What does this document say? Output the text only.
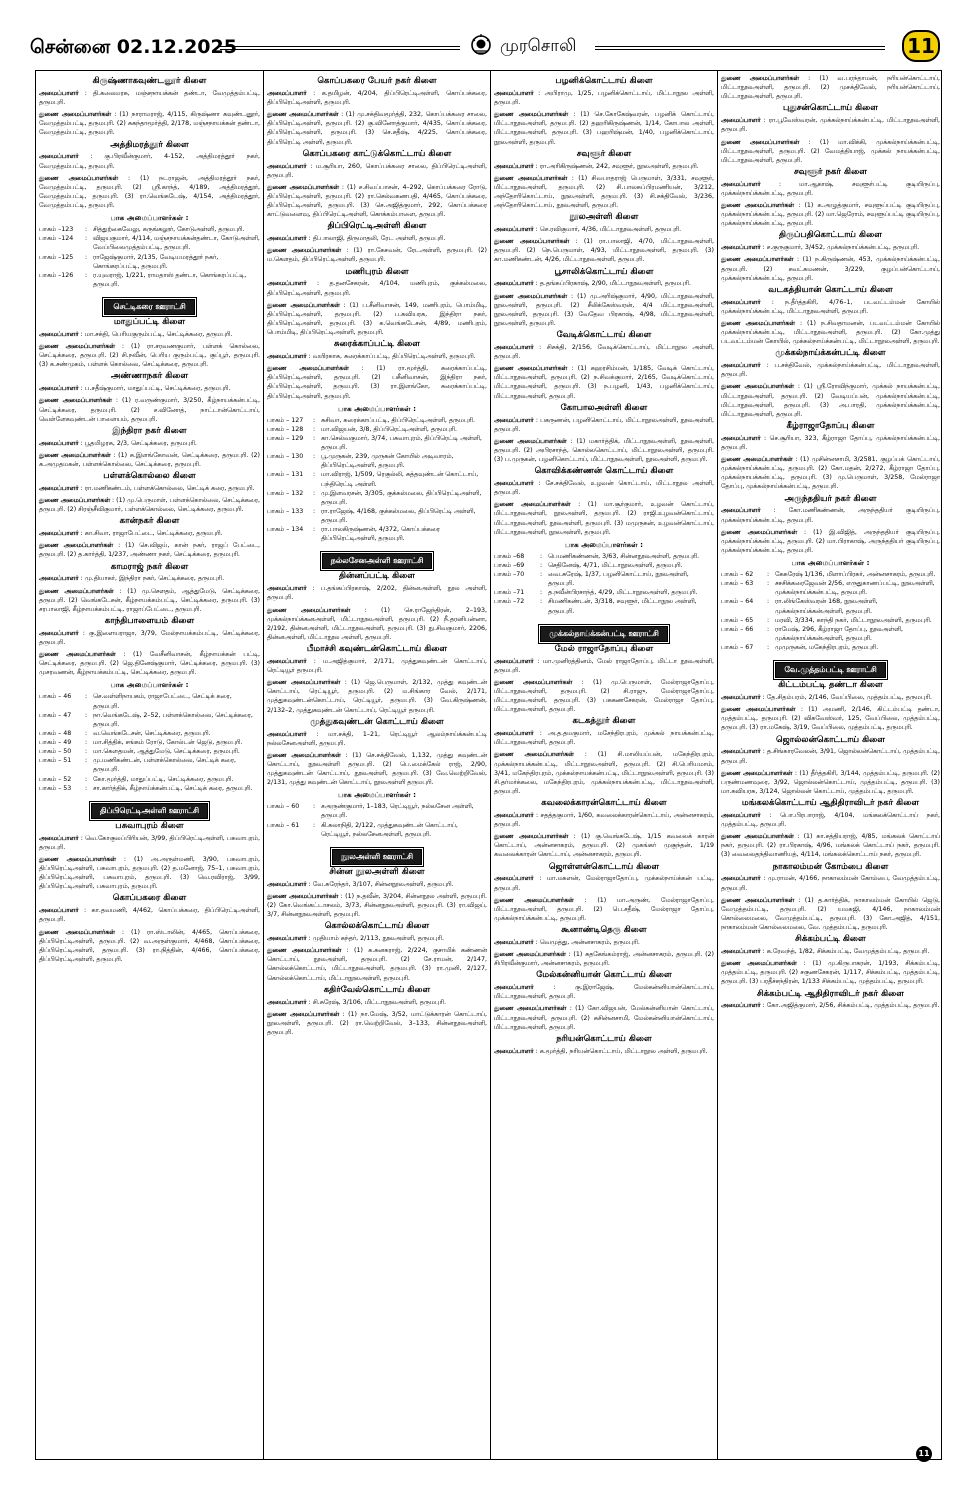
சென்னை 02.12.2025	முரசொலி	11
கிருஷ்ணாகவுண்டனூர் கிளை
அமைப்பாளர் : தி.கலைமரசு, மஞ்சநாயக்கன் தண்டா, வேமுத்தம்பட்டி, தருமபுரி.
துணை அமைப்பாளர்கள் : (1) நாராமராஜ், 4/115, கிருஷ்ணா கவுண்டனூர், வேமுத்தம்பட்டி, தருமபுரி. (2) சுகந்தாமூர்த்தி, 2/178, மஞ்சநாயக்கன் தண்டா, வேமுத்தம்பட்டி, தருமபுரி.
அத்திமரத்தூர் கிளை
அமைப்பாளர் : கு.பிரவீன்குமார், 4-152, அத்திமரத்தூர் நகர், வேமுத்தம்பட்டி, தருமபுரி.
துணை அமைப்பாளர்கள் : (1) நடராஜன், அத்திமரத்தூர் நகர், வேமுத்தம்பட்டி, தருமபுரி. (2) ஸ்ரீ.காந்த், 4/189, அத்திமரத்தூர், வேமுத்தம்பட்டி, தருமபுரி. (3) ரா.வெங்கடேஷ், 4/154, அத்திமரத்தூர், வேமுத்தம்பட்டி, தருமபுரி.
பாக அமைப்பாளர்கள் :
பாகம் –123	:	சித்துற்கைவேலு, கருங்கலூர், கோடுஅள்ளி, தருமபுரி.
பாகம் –124	:	விஜயகுமார், 4/114, மஞ்சநாயக்கன்தண்டா, கோடுஅள்ளி, வேப்பிலைமுத்தம்பட்டி, தருமபுரி.
பாகம் –125	:	ராஜேஷ்குமார், 2/135, வேடியமரத்தூர் நகர், கொங்கரப்பட்டி, தருமபுரி.
பாகம் –126	:	ர.யுவராஜ், 1/221, ராமதாஸ் தண்டா, கொங்கரப்பட்டி, தருமபுரி.
செட்டிகரை ஊராட்சி
மாதுப்பட்டி கிளை
அமைப்பாளர் : மா.சக்தி, பெரியகுரும்பட்டி, செட்டிக்கரை, தருமபுரி.
துணை அமைப்பாளர்கள் : (1) ரா.சரவணகுமார், பள்ளக் கொல்லை, செட்டிக்கரை, தருமபுரி. (2) சி.நவீன், பெரிய குரும்பட்டி, குப்பூர், தருமபுரி. (3) க.சண்முகம், பள்ளக் கொல்லை, செட்டிக்கரை, தருமபுரி.
அண்ணாநகர் கிளை
அமைப்பாளர் : ப.சதீஷ்குமார், மாதுப்பட்டி, செட்டிக்கரை, தருமபுரி.
துணை அமைப்பாளர்கள் : (1) ர.வருண்குமார், 3/250, கீழ்நாயக்கன்பட்டி, செட்டிக்கரை, தருமபுரி. (2) ச.வினோத், நாட்டான்கொட்டாய், வெள்ளேகவுண்டன் பாளையம், தருமபுரி.
இந்திரா நகர் கிளை
அமைப்பாளர் : பூதமிழரசு, 2/3, செட்டிக்கரை, தருமபுரி.
துணை அமைப்பாளர்கள் : (1) சு.இளங்கோவன், செட்டிக்கரை, தருமபுரி. (2) க.அமுதமகன், பள்ளக்கொல்லை, செட்டிக்கரை, தருமபுரி.
பள்ளக்கொல்லை கிளை
அமைப்பாளர் : ரா.மணிகண்டம், பள்ளக்கொல்லை, செட்டிக் கரை, தருமபுரி.
துணை அமைப்பாளர்கள் : (1) மு.பெருமாள், பள்ளக்கொல்லை, செட்டிக்கரை, தருமபுரி. (2) சிரஞ்சீவிகுமார், பள்ளக்கொல்லை, செட்டிக்கரை, தருமபுரி.
கான்நகர் கிளை
அமைப்பாளர் : கா.சிவா, ராஜாபேட்டை, செட்டிக்கரை, தருமபுரி.
துணை அமைப்பாளர்கள் : (1) செ.விஜய், கான் நகர், ராஜப் பேட்டை, தருமபுரி. (2) த.கார்த்தி, 1/237, அண்ணா நகர், செட்டிக்கரை, தருமபுரி.
காமராஜ் நகர் கிளை
அமைப்பாளர் : மு.தியாகர், இந்திரா நகர், செட்டிக்கரை, தருமபுரி.
துணை அமைப்பாளர்கள் : (1) மு.சௌதம், ஆத்துமேடு, செட்டிக்கரை, தருமபுரி. (2) வெங்கடேசன், கீழ்நாயக்கம்பட்டி, செட்டிக்கரை, தருமபுரி. (3) சரபாலாஜி, கீழ்நாயக்கம்பட்டி, ராஜாப்பேட்டை, தருமபுரி.
காந்திபாளையம் கிளை
அமைப்பாளர் : கு.இளையராஜா, 3/79, மேல்நாயக்கம்பட்டி, செட்டிக்கரை, தருமபுரி.
துணை அமைப்பாளர்கள் : (1) வேசீனிவாசன், கீழ்நாயக்கன் பட்டி, செட்டிக்கரை, தருமபுரி. (2) ஜெ.தினேஷ்குமார், செட்டிக்கரை, தருமபுரி. (3) முசரவணன், கீழ்நாயக்கம்பட்டி, செட்டிக்கரை, தருமபுரி.
பாக அமைப்பாளர்கள் :
பாகம் – 46	:	செ.வள்ளிநாயகம், ராஜாபேட்டை, செட்டிக் கரை, தருமபுரி.
பாகம் – 47	:	நா.வெங்கடேஷ், 2–52, பள்ளக்கொல்லை, செட்டிக்கரை, தருமபுரி.
பாகம் – 48	:	வ.வெங்கடேசன், செட்டிக்கரை, தருமபுரி.
பாகம் – 49	:	மா.சித்திக், சங்கம் ரோடு, கோல்டன் ஜெடு, தருமபுரி.
பாகம் – 50	:	மா.கௌதமன், ஆத்துமேடு, செட்டிக்கரை, தருமபுரி.
பாகம் – 51	:	மு.மணிகண்டன், பள்ளக்கொல்லை, செட்டிக் கரை, தருமபுரி.
பாகம் – 52	:	கோ.மூர்த்தி, மாதுப்பட்டி, செட்டிக்கரை, தருமபுரி.
பாகம் – 53	:	சா.கார்த்திக், கீழ்நாய்க்கன்பட்டி, செட்டிக் கரை, தருமபுரி.
திப்பிரெட்டிஅள்ளி ஊராட்சி
பசுவாபுரம் கிளை
அமைப்பாளர் : வெ.கோகுலப்பிரியன், 3/99, திப்பிரெட்டிஅள்ளி, பசுவாபுரம், தருமபுரி.
துணை அமைப்பாளர்கள் : (1) அ.அருள்மணி, 3/90, பசுவாபுரம், திப்பிரெட்டிஅள்ளி, பசுவாபுரம், தருமபுரி. (2) த.மனோஜ், 75–1, பசுவாபுரம், திப்பிரெட்டிஅள்ளி, பசுவாபுரம், தருமபுரி. (3) வெ.ரவிராஜ், 3/99, திப்பிரெட்டிஅள்ளி, பசுவாபுரம், தருமபுரி.
கொப்பகரை கிளை
அமைப்பாளர் : கா.தவமணி, 4/462, கொப்பக்கரை, திப்பிரெட்டிஅள்ளி, தருமபுரி.
துணை அமைப்பாளர்கள் : (1) ரா.ஸ்டாலின், 4/465, கொப்பக்கரை, திப்பிரெட்டிஅள்ளி, தருமபுரி. (2) வ.அருள்குமார், 4/468, கொப்பக்கரை, திப்பிரெட்டிஅள்ளி, தருமபுரி. (3) ரா.நித்தின், 4/466, கொப்பக்கரை, திப்பிரெட்டிஅள்ளி, தருமபுரி.
கொப்பகரை பேயர் நகர் கிளை
அமைப்பாளர் : க.தமிழன், 4/204, திப்பிரெட்டிஅள்ளி, கொப்பக்கரை, திப்பிரெட்டிஅள்ளி, தருமபுரி.
துணை அமைப்பாளர்கள் : (1) மு.சக்திவமூர்த்தி, 232, கொப்பக்கரை சாலை, திப்பிரெட்டிஅள்ளி, தருமபுரி. (2) கு.வினோத்குமார், 4/435, கொப்பக்கரை, திப்பிரெட்டிஅள்ளி, தருமபுரி. (3) செ.சதீஷ், 4/225, கொப்பக்கரை, திப்பிரெட்டி அள்ளி, தருமபுரி.
கொப்பகரை காட்டுக்கொட்டாய் கிளை
அமைப்பாளர் : ம.சூரியா, 260, கொப்பக்கரை சாலை, திப்பிரெட்டிஅள்ளி, தருமபுரி.
துணை அமைப்பாளர்கள் : (1) ச.சிவப்பாசன், 4–292, கொப்பக்கரை ரோடு, திப்பிரெட்டிஅள்ளி, தருமபுரி. (2) ரா.செல்வகணபதி, 4/465, கொப்பக்கரை, திப்பிரெட்டிஅள்ளி, தருமபுரி. (3) செ.அஜித்குமார், 292, கொப்பக்கரை காட்டுவளைவு, திப்பிரெட்டிஅள்ளி, கொக்கம்பாளை, தருமபுரி.
திப்பிரெட்டிஅள்ளி கிளை
அமைப்பாளர் : தி.பாலாஜி, திருமாதலி, ரேட அள்ளி, தருமபுரி.
துணை அமைப்பாளர்கள் : (1) ரா.கேசவன், ரேடஅள்ளி, தருமபுரி. (2) ம.கெளதம், திப்பிரெட்டிஅள்ளி, தருமபுரி.
மணிபுரம் கிளை
அமைப்பாளர் : த.தனசேகரன், 4/104, மணிபுரம், குக்கல்மலை, திப்பிரெட்டிஅள்ளி, தருமபுரி.
துணை அமைப்பாளர்கள் : (1) ப.சீனிவாசன், 149, மணிபுரம், பொம்மிடி, திப்பிரெட்டிஅள்ளி, தருமபுரி. (2) ப.கவியரசு, இந்திரா நகர், திப்பிரெட்டிஅள்ளி, தருமபுரி. (3) க.வெங்கடேசன், 4/89, மணிபுரம், பொம்மிடி, திப்பிரெட்டிஅள்ளி, தருமபுரி.
சுரைக்காப்பட்டி கிளை
அமைப்பாளர் : வயிரகாசு, சுரைக்காப்பட்டி, திப்பிரெட்டிஅள்ளி, தருமபுரி.
துணை அமைப்பாளர்கள் : (1) ரா.மூர்த்தி, சுரைக்காப்பட்டி, திப்பிரெட்டிஅள்ளி, தருமபுரி. (2) பசீனிவாசன், இந்திரா நகர், திப்பிரெட்டிஅள்ளி, தருமபுரி. (3) ரா.இளங்கோ, சுரைக்காப்பட்டி, திப்பிரெட்டிஅள்ளி, தருமபுரி.
பாக அமைப்பாளர்கள் :
பாகம் – 127	:	சுசிவா, சுரைக்காப்பட்டி, திப்பிரெட்டிஅள்ளி, தருமபுரி.
பாகம் – 128	:	மா.விஜயன், 3/8, திப்பிரெட்டிஅள்ளி, தருமபுரி.
பாகம் – 129	:	கா.செல்வகுமார், 3/74, பசுவாபுரம், திப்பிரெட்டி அள்ளி, தருமபுரி.
பாகம் – 130	:	பூ.முருகன், 239, முருகன் கோயில் அடிவாரம், திப்பிரெட்டிஅள்ளி, தருமபுரி.
பாகம் – 131	:	மா.விராஜ், 1/509, ரெகுல்லி, சுத்தவுண்டன் கொட்டாய், பந்திரெட்டி அள்ளி.
பாகம் – 132	:	மு.இளவரசன், 3/305, குக்கல்மலை, திப்பிரெட்டிஅள்ளி, தருமபுரி.
பாகம் – 133	:	ரா.ராஜேஷ், 4/168, குக்கல்மலை, திப்பிரெட்டி அள்ளி, தருமபுரி.
பாகம் – 134	:	ரா.பாலகிருஷ்ணன், 4/372, கொப்பக்கரை திப்பிரெட்டிஅள்ளி, தருமபுரி.
நல்லசேனஅள்ளி ஊராட்சி
தின்னப்பட்டி கிளை
அமைப்பாளர் : ப.தங்கப்பிரகாஷ், 2/202, தின்னஅள்ளி, நூல அள்ளி, தருமபுரி.
துணை அமைப்பாளர்கள் : (1) செ.ராஜேந்திரன், 2–193, முக்கல்நாய்க்கனஅள்ளி, மிட்டாநூலஅள்ளி, தருமபுரி. (2) நீ.தரனிபன்னா, 2/192, தின்னஅள்ளி, மிட்டாநூலஅள்ளி, தருமபுரி. (3) நு.சிவகுமார், 2206, தின்னஅள்ளி, மிட்டாநூல அள்ளி, தருமபுரி.
பீமாச்சி கவுண்டன்கொட்டாய் கிளை
அமைப்பாளர் : ம.அஜித்குமார், 2/171, முத்துகவுண்டன் கொட்டாய், ரெட்டியூர் தருமபுரி.
துணை அமைப்பாளர்கள் : (1) ஜெ.பெருமாள், 2/132, முத்து கவுண்டன் கொட்டாய், ரெட்டியூர், தருமபுரி. (2) ம.சிங்கார வேல், 2/171, முத்துகவுண்டன்கொட்டாய், ரெட்டியூர், தருமபுரி. (3) வே.கிருஷ்ணன், 2/132–2, முத்துகவுண்டன் கொட்டாய், ரெட்டியூர் தருமபுரி.
முத்துகவுண்டன் கொட்டாய் கிளை
அமைப்பாளர் : மா.சக்தி, 1–21, ரெட்டியூர் ஆலம்நாய்க்கன்பட்டி நல்லசேனஅள்ளி, தருமபுரி.
துணை அமைப்பாளர்கள் : (1) செ.சக்திவேல், 1,132, முத்து கவுண்டன் கொட்டாய், நூலஅள்ளி தருமபுரி. (2) பெ.மைக்கேல் ராஜ், 2/90, முத்துகவுண்டன் கொட்டாய், நூலஅள்ளி, தருமபுரி. (3) வே.வெற்றிவேல், 2/131, முத்து கவுண்டன் கொட்டாய், நூலஅள்ளி தருமபுரி.
பாக அமைப்பாளர்கள் :
பாகம் – 60	:	சஅருண்குமார், 1–183, ரெட்டியூர், நல்லசேன அள்ளி, தருமபுரி.
பாகம் – 61	:	கி.கலாநிதி, 2/122, முத்துகவுண்டன் கொட்டாய், ரெட்டியூர், நல்லசேனஅள்ளி, தருமபுரி.
நூலஅள்ளி ஊராட்சி
சின்ன நூலஅள்ளி கிளை
அமைப்பாளர் : வே.சுரேந்தர், 3/107, சின்னநூலஅள்ளி, தருமபுரி.
துணை அமைப்பாளர்கள் : (1) ந.தவீன், 3/204, சின்னநூல அள்ளி, தருமபுரி. (2) கோ.வெங்கட்டாசலம், 3/73, சின்னநூலஅள்ளி, தருமபுரி. (3) ரா.விஜய், 3/7, சின்னநூலஅள்ளி, தருமபுரி.
கொல்லக்கொட்டாய் கிளை
அமைப்பாளர் : முதியாம் கந்தர், 2/113, நூலஅள்ளி, தருமபுரி.
துணை அமைப்பாளர்கள் : (1) க.கனகராஜ், 2/224, குசாமிக் கண்ணன் கொட்டாய், நூலஅள்ளி, தருமபுரி. (2) சே.ராமன், 2/147, கொல்லக்கொட்டாய், மிட்டாநூலஅள்ளி, தருமபுரி. (3) ரா.முனி, 2/127, கொல்லக்கொட்டாய், மிட்டாநூலஅள்ளி, தருமபுரி.
கதிர்வேல்கொட்டாய் கிளை
அமைப்பாளர் : சி.சுரேஷ், 3/106, மிட்டாநூலஅள்ளி, தருமபுரி.
துணை அமைப்பாளர்கள் : (1) நா.மேஷ், 3/52, மாட்டுக்காரன் கொட்டாய், நூலஅள்ளி, தருமபுரி. (2) ரா.வெற்றிவேல், 3–133, சின்னநூலஅள்ளி, தருமபுரி.
பழனிக்கொட்டாய் கிளை
அமைப்பாளர் : அபிராமு, 1/25, பழனிக்கொட்டாய், மிட்டாநூல அள்ளி, தருமபுரி.
துணை அமைப்பாளர்கள் : (1) செ.கோகேஷ்வரன், பழனிக் கொட்டாய், மிட்டாநூலஅள்ளி, தருமபுரி. (2) தஹரிகிருஷ்ணன், 1/14, கோபால அள்ளி, மிட்டாநூலஅள்ளி, தருமபுரி. (3) பஹரிஷ்மன், 1/40, பழனிக்கொட்டாய், நூலஅள்ளி, தருமபுரி.
சவுளூர் கிளை
அமைப்பாளர் : ரா.அரிகிருஷ்ணன், 242, சவுளூர், நூலஅள்ளி, தருமபுரி.
துணை அமைப்பாளர்கள் : (1) சிவபாதராஜ் பெருமாள், 3/331, சவுளூர், மிட்டாநூலஅள்ளி, தருமபுரி. (2) சி.பாலசுப்பிரமணியன், 3/212, அந்தோரிகொட்டாய், நூலஅள்ளி, தருமபுரி. (3) சி.சக்திவேல், 3/236, அந்தோரிகொட்டாய், நூலஅள்ளி, தருமபுரி.
நூலஅள்ளி கிளை
அமைப்பாளர் : செ.ரவிகுமார், 4/36, மிட்டாநூலஅள்ளி, தருமபுரி.
துணை அமைப்பாளர்கள் : (1) ரா.பாலாஜி, 4/70, மிட்டாநூலஅள்ளி, தருமபுரி. (2) நெ.பெருமாள், 4/93, மிட்டாநூலஅள்ளி, தருமபுரி. (3) கா.மணிகண்டன், 4/26, மிட்டாநூலஅள்ளி, தருமபுரி.
பூசாலிக்கொட்டாய் கிளை
அமைப்பாளர் : த.தங்கப்பிரகாஷ், 2/90, மிட்டாநூலஅள்ளி, தருமபுரி.
துணை அமைப்பாளர்கள் : (1) மு.அரிஷ்குமார், 4/90, மிட்டாநூலஅள்ளி, நூலஅள்ளி, தருமபுரி. (2) சீலிக்கேஸ்வரன், 4/4 மிட்டாநூலஅள்ளி, நூலஅள்ளி, தருமபுரி. (3) வேதேவ பிரகாஷ், 4/98, மிட்டாநூலஅள்ளி, நூலஅள்ளி, தருமபுரி.
வேடிக்கொட்டாய் கிளை
அமைப்பாளர் : சிசக்தி, 2/156, வேடிக்கொட்டாய், மிட்டாநூல அள்ளி, தருமபுரி.
துணை அமைப்பாளர்கள் : (1) கஹரசிம்மன், 1/185, வேடிக் கொட்டாய், மிட்டாநூலஅள்ளி, தருமபுரி. (2) ந.சிவக்குமார், 2/165, வேடிக்கொட்டாய், மிட்டாநூலஅள்ளி, தருமபுரி. (3) ந.பழனி, 1/43, பழனிக்கொட்டாய், மிட்டாநூலஅள்ளி, தருமபுரி.
கோபாலஅள்ளி கிளை
அமைப்பாளர் : பகருணன், பழனிகொட்டாய், மிட்டாநூலஅள்ளி, நூலஅள்ளி, தருமபுரி.
துணை அமைப்பாளர்கள் : (1) மகார்த்திக், மிட்டாநூலஅள்ளி, நூலஅள்ளி, தருமபுரி. (2) அபிரசாந்த், கொல்லகொட்டாய், மிட்டாநூலஅள்ளி, தருமபுரி. (3) ப.முருகன், பழனிகொட்டாய், மிட்டாநூலஅள்ளி, நூலஅள்ளி, தருமபுரி.
கொவிக்கண்ணன் கொட்டாய் கிளை
அமைப்பாளர் : சே.சக்திவேல், உழவன் கொட்டாய், மிட்டாநூல அள்ளி, தருமபுரி.
துணை அமைப்பாளர்கள் : (1) மா.சூர்குமார், உழவன் கொட்டாய், மிட்டாநூலஅள்ளி, நூலஅள்ளி, தருமபுரி. (2) ராஜி.உழவன்கொட்டாய், மிட்டாநூலஅள்ளி, நூலஅள்ளி, தருமபுரி. (3) மமுருகன், உழவன்கொட்டாய், மிட்டாநூலஅள்ளி, நூலஅள்ளி, தருமபுரி.
பாக அமைப்பாளர்கள் :
பாகம் –68	:	பெமணிகண்ணன், 3/63, சின்னநூலஅள்ளி, தருமபுரி.
பாகம் –69	:	செதினேஷ், 4/71, மிட்டாநூலஅள்ளி, தருமபுரி.
பாகம் –70	:	வை.சுரேஷ், 1/37, பழனிகொட்டாய், நூலஅள்ளி, தருமபுரி.
பாகம் –71	:	த.நவீன்பிரசாந்த், 4/29, மிட்டாநூலஅள்ளி, தருமபுரி.
பாகம் –72	:	சிமணிகண்டன், 3/318, சவுளூர், மிட்டாநூல அள்ளி, தருமபுரி.
முக்கல்நாய்க்கன்பட்டி ஊராட்சி
மேல் ராஜாதோப்பு கிளை
அமைப்பாளர் : மா.முனிரத்தினம், மேல் ராஜாதோப்பு, மிட்டா நூலஅள்ளி, தருமபுரி.
துணை அமைப்பாளர்கள் : (1) மு.பெருமாள், மேல்ராஜாதோப்பு, மிட்டாநூலஅள்ளி, தருமபுரி. (2) சி.ராஜு, மேல்ராஜாதோப்பு, மிட்டாநூலஅள்ளி, தருமபுரி. (3) பசுகணசேகரன், மேல்ராஜா தோப்பு, மிட்டாநூலஅள்ளி, தருமபுரி.
கடகத்தூர் கிளை
அமைப்பாளர் : அ.த.தமகுமார், மசேந்திரபுரம், முக்கல் நாயக்கன்பட்டி, மிட்டாநூலஅள்ளி, தருமபுரி.
துணை அமைப்பாளர்கள் : (1) சி.மாலியப்பன், மகேந்திரபுரம், முக்கல்நாயக்கன்பட்டி, மிட்டாநூலஅள்ளி, தருமபுரி. (2) சி.பெரியமாம், 3/41, மகேந்திரபுரம், முக்கல்நாயக்கன்பட்டி, மிட்டாநூலஅள்ளி, தருமபுரி. (3) சி.தர்மர்க்கலை, மகேந்திரபுரம், முக்கல்நாயக்கன்பட்டி, மிட்டாநூலஅள்ளி, தருமபுரி.
கவலைக்காரன்கொட்டாய் கிளை
அமைப்பாளர் : சதத்தகுமார், 1/60, கவலைக்காரன்கொட்டாய், அன்னசாகரம், தருமபுரி.
துணை அமைப்பாளர்கள் : (1) கு.வெங்கடேஷ், 1/15 கவலைக் காரன் கொட்டாய், அன்னசாகரம், தருமபுரி. (2) முகங்கர் முகுந்தன், 1/19 கவலைக்காரன் கொட்டாய், அன்னசாகரம், தருமபுரி.
ஜொள்ளன்கொட்டாய் கிளை
அமைப்பாளர் : மா.மகளன், மேல்ராஜாதோப்பு, முக்கல்நாய்க்கன் பட்டி, தருமபுரி.
துணை அமைப்பாளர்கள் : (1) மா.அருண், மேல்ராஜாதோப்பு, மிட்டாநூலஅள்ளி, தருமபுரி. (2) பெ.சதீஷ், மேல்ராஜா தோப்பு, முக்கல்நாய்க்கன்பட்டி, தருமபுரி.
கூனாண்டிதெரு கிளை
அமைப்பாளர் : வெமுத்து, அன்னசாகரம், தருமபுரி.
துணை அமைப்பாளர்கள் : (1) சுதகேங்கம்ராஜ், அன்னசாகரம், தருமபுரி. (2) சிபிரவீன்குமார், அன்னசாகரம், தருமபுரி.
மேல்கன்னியான் கொட்டாய் கிளை
அமைப்பாளர் : கு.இராஜேஷ், மேல்கன்னியான்கொட்டாய், மிட்டாநூலஅள்ளி, தருமபுரி.
துணை அமைப்பாளர்கள் : (1) கோ.விஜயன், மேல்கன்னியான் கொட்டாய், மிட்டாநூலஅள்ளி, தருமபுரி. (2) சுசின்னசாமி, மேல்கன்னியான்கொட்டாய், மிட்டாநூலஅள்ளி, தருமபுரி.
நரியன்கொட்டாய் கிளை
அமைப்பாளர் : க.மூர்த்தி, நரியன்கொட்டாய், மிட்டாநூல அள்ளி, தருமபுரி.
துணை அமைப்பாளர்கள் : (1) வ.பரந்தாமன், நரியன்கொட்டாய், மிட்டாநூலஅள்ளி, தருமபுரி. (2) முசக்திவேல், நரியன்கொட்டாய், மிட்டாநூலஅள்ளி, தருமபுரி.
புதுசன்கொட்டாய் கிளை
அமைப்பாளர் : ரா.பூவேஸ்வரன், முக்கல்நாய்க்கன்பட்டி, மிட்டாநூலஅள்ளி, தருமபுரி.
துணை அமைப்பாளர்கள் : (1) மா.விக்கி, முக்கல்நாய்க்கன்பட்டி, மிட்டாநூலஅள்ளி, தருமபுரி. (2) வேமத்தியாஜ், முக்கல் நாயக்கன்பட்டி, மிட்டாநூலஅள்ளி, தருமபுரி.
சவுளூர் நகர் கிளை
அமைப்பாளர் : மா.ஆகாஷ், சவுளூர்பட்டி குடியிருப்பு, முக்கல்நாய்க்கன்பட்டி, தருமபுரி.
துணை அமைப்பாளர்கள் : (1) க.அழுத்குமார், சவுளூப்பட்டி குடியிருப்பு, முக்கல்நாய்க்கன்பட்டி, தருமபுரி. (2) மா.ஜெரோம், சவுளூப்பட்டி குடியிருப்பு, முக்கல்நாய்க்கன்பட்டி, தருமபுரி.
திருப்பதிகொட்டாய் கிளை
அமைப்பாளர் : ச.குருகுமார், 3/452, முக்கல்நாய்க்கன்பட்டி, தருமபுரி.
துணை அமைப்பாளர்கள் : (1) ந.கிருஷ்ணன், 453, முக்கல்நாய்க்கன்பட்டி, தருமபுரி. (2) சவட்சுமணன், 3/229, குழப்பன்கொட்டாய், முக்கல்நாய்க்கன்பட்டி, தருமபுரி.
வடகத்தியான் கொட்டாய் கிளை
அமைப்பாளர் : ந.தீர்த்தகிரி, 4/76–1, படவட்டம்மன் கோயில் முக்கல்நாய்க்கன்பட்டி, மிட்டாநூலஅள்ளி, தருமபுரி.
துணை அமைப்பாளர்கள் : (1) ந.சிவதாமனன், படவட்டம்மன் கோயில் முக்கல்நாய்க்கன்பட்டி, மிட்டாநூலஅள்ளி, தருமபுரி. (2) கோ.முத்து படவட்டம்மன் கோயில், முக்கல்நாய்க்கன்பட்டி, மிட்டாநூலஅள்ளி, தருமபுரி.
முக்கல்நாய்க்கன்பட்டி கிளை
அமைப்பாளர் : ப.சக்திவேல், முக்கல்நாய்க்கன்பட்டி, மிட்டாநூலஅள்ளி, தருமபுரி.
துணை அமைப்பாளர்கள் : (1) ஸ்ரீ.ரோவிந்குமார், முக்கல் நாயக்கன்பட்டி, மிட்டாநூலஅள்ளி, தருமபுரி. (2) வேடியப்பன், முக்கல்நாய்க்கன்பட்டி, மிட்டாநூலஅள்ளி, தருமபுரி. (3) அ.பாரதி, முக்கல்நாய்க்கன்பட்டி, மிட்டாநூலஅள்ளி, தருமபுரி.
கீழ்ராஜாதோப்பு கிளை
அமைப்பாளர் : செ.சூரியா, 323, கீழ்ராஜா தோப்பு, முக்கல்நாய்க்கன்பட்டி, தருமபுரி.
துணை அமைப்பாளர்கள் : (1) முசின்னசாமி, 3/2581, குழப்பக் கொட்டாய், முக்கல்நாய்க்கன்பட்டி, தருமபுரி. (2) கோ.மதன், 2/272, கீழ்ராஜா தோப்பு, முக்கல்நாயக்கன்பட்டி, தருமபுரி. (3) மு.பெருமாள், 3/258, மேல்ராஜா தோப்பு, முக்கல்நாய்க்கன்பட்டி, தருமபுரி.
அருந்ததியர் நகர் கிளை
அமைப்பாளர் : கோ.மணிகண்ணன், அருந்ததியர் குடியிருப்பு, முக்கல்நாய்க்கன்பட்டி, தருமபுரி.
துணை அமைப்பாளர்கள் : (1) இ.விஜித், அருந்ததியர் குடியிருப்பு, முக்கல்நாய்க்கன்பட்டி, தருமபுரி. (2) மா.பிராகாஷ், அருந்ததியர் குடியிருப்பு, முக்கல்நாய்க்கன்பட்டி, தருமபுரி.
பாக அமைப்பாளர்கள் :
பாகம் – 62	:	கேசுரேஷ் 1/136, மிளாப்பிரகர், அன்னசாகரம், தருமபுரி.
பாகம் – 63	:	சசசிக்கரைஜேவன் 2/56, எருதுகாணப்பட்டி, நூலஅள்ளி, முக்கல்நாய்க்கன்பட்டி, தருமபுரி.
பாகம் – 64	:	ரா.லிங்கேஸ்வரன் 168, நூலஅள்ளி, முக்கல்நாய்க்கன்அள்ளி, தருமபுரி.
பாகம் – 65	:	மரவி, 3/334, காந்தி நகர், மிட்டாநூலஅள்ளி, தருமபுரி.
பாகம் – 66	:	ராமேஷ், 296, கீழ்ராஜா தோப்பு, நூலஅள்ளி, முக்கல்நாய்க்கன்அள்ளி, தருமபுரி.
பாகம் – 67	:	முமுருகன், மகேந்திரபுரம், தருமபுரி.
வே.முத்தம்பட்டி ஊராட்சி
கிட்டம்பட்டி தண்டா கிளை
அமைப்பாளர் : தே.சிதம்பரம், 2/146, வேப்பிலை, முத்தம்பட்டி, தருமபுரி.
துணை அமைப்பாளர்கள் : (1) அமணி, 2/146, கிட்டம்பட்டி தண்டா, முத்தம்பட்டி, தருமபுரி. (2) விசுவேஸ்வர், 125, வேப்பிலை, முத்தம்பட்டி, தருமபுரி. (3) ரா.மகேஷ், 3/19, வேப்பிலை, முத்தம்பட்டி, தருமபுரி.
ஜொல்லன்கொட்டாய் கிளை
அமைப்பாளர் : த.சிங்காரவேலன், 3/91, ஜொல்லன்கொட்டாய், முத்தம்பட்டி, தருமபுரி.
துணை அமைப்பாளர்கள் : (1) தீர்த்தகிரி, 3/144, முத்தம்பட்டி, தருமபுரி. (2) பருண்மணவுரை, 3/92, ஜொல்லன்கொட்டாய், முத்தம்பட்டி, தருமபுரி. (3) மா.கவியரசு, 3/124, ஜொல்லன் கொட்டாய், முத்தம்பட்டி, தருமபுரி.
மங்கலக்கொட்டாய் ஆதிதிராவிடர் நகர் கிளை
அமைப்பாளர் : பொ.பிரபாராஜ், 4/104, மங்கலக்கொட்டாய் நகர், முத்தம்பட்டி, தருமபுரி.
துணை அமைப்பாளர்கள் : (1) கா.சத்தியராஜ், 4/85, மங்கலக் கொட்டாய் நகர், தருமபுரி. (2) ரா.பிரகாஷ், 4/96, மங்கலக் கொட்டாய் நகர், தருமபுரி. (3) வைலைதந்திவாணியத், 4/114, மங்கலக்கொட்டாய் நகர், தருமபுரி.
நாகாலம்மன் கோம்பை கிளை
அமைப்பாளர் : மு.ராமன், 4/166, நாகாலம்மன் கோம்பை, வேமுத்தம்பட்டி, தருமபுரி.
துணை அமைப்பாளர்கள் : (1) த.கார்த்திக், நாகாலம்மன் கோயில் ஜெடு, வேமுத்தம்பட்டி, தருமபுரி. (2) யமசுஜி, 4/146, நாகாலம்மன் கொல்லைமலை, வேமுத்தம்பட்டி, தருமபுரி. (3) கோ.அஜித், 4/151, நாகாலம்மன் கொல்லைமலை, வே. முத்தம்பட்டி, தருமபுரி.
சிக்கம்பட்டி கிளை
அமைப்பாளர் : க.ரேவந்த், 1/82, சிக்கம்பட்டி, வேமுத்தம்பட்டி, தருமபுரி.
துணை அமைப்பாளர்கள் : (1) மு.கிருபாகரன், 1/193, சிக்கம்பட்டி, முத்தம்பட்டி, தருமபுரி. (2) சகுணசேகரன், 1/117, சிக்கம்பட்டி, முத்தம்பட்டி, தருமபுரி. (3) பரதீச்சந்திரன், 1/133 சிக்கம்பட்டி, முத்தம்பட்டி, தருமபுரி.
சிக்கம்பட்டி ஆதிதிராவிடர் நகர் கிளை
அமைப்பாளர் : கோ.அஜித்குமார், 2/56, சிக்கம்பட்டி, முத்தம்பட்டி, தருமபுரி.
11
